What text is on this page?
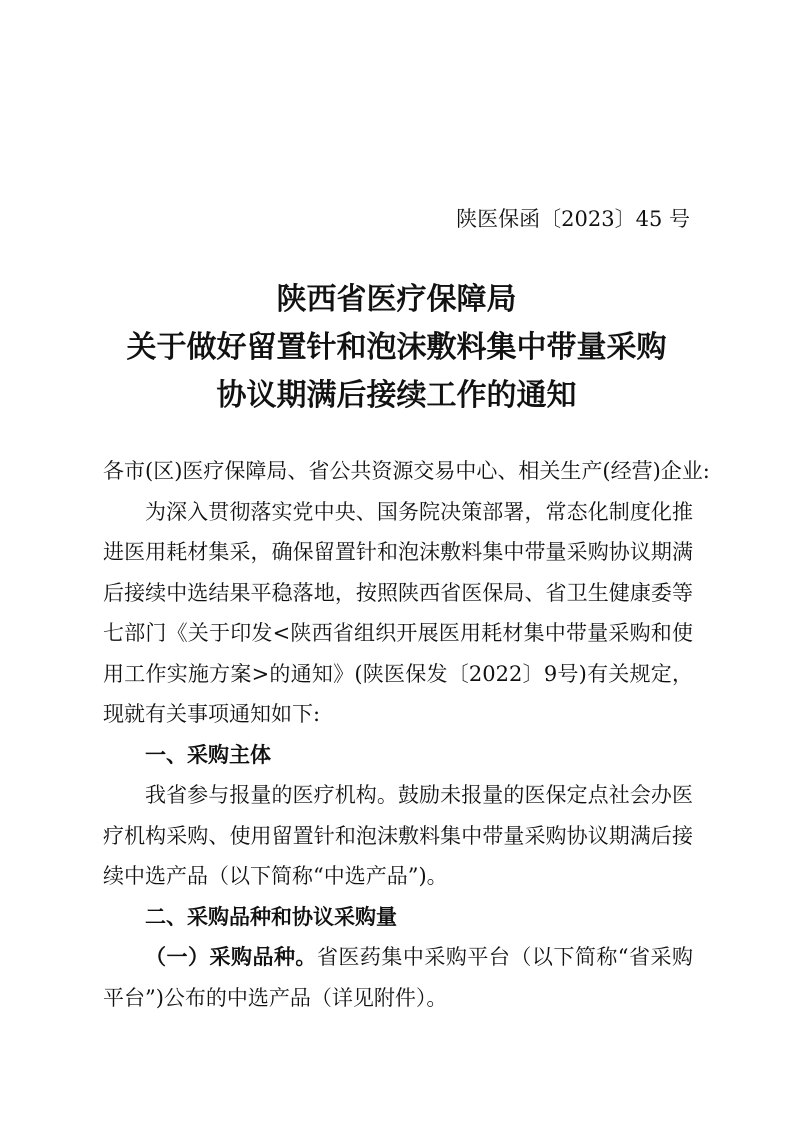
陕医保函〔2023〕45 号
陕西省医疗保障局
关于做好留置针和泡沫敷料集中带量采购
协议期满后接续工作的通知

各市(区)医疗保障局、省公共资源交易中心、相关生产(经营)企业:

为深入贯彻落实党中央、国务院决策部署，常态化制度化推进医用耗材集采，确保留置针和泡沫敷料集中带量采购协议期满后接续中选结果平稳落地，按照陕西省医保局、省卫生健康委等七部门《关于印发<陕西省组织开展医用耗材集中带量采购和使用工作实施方案>的通知》(陕医保发〔2022〕9号)有关规定，现就有关事项通知如下:

一、采购主体

我省参与报量的医疗机构。鼓励未报量的医保定点社会办医疗机构采购、使用留置针和泡沫敷料集中带量采购协议期满后接续中选产品（以下简称“中选产品”)。

二、采购品种和协议采购量

（一）采购品种。省医药集中采购平台（以下简称“省采购平台”)公布的中选产品（详见附件）。
